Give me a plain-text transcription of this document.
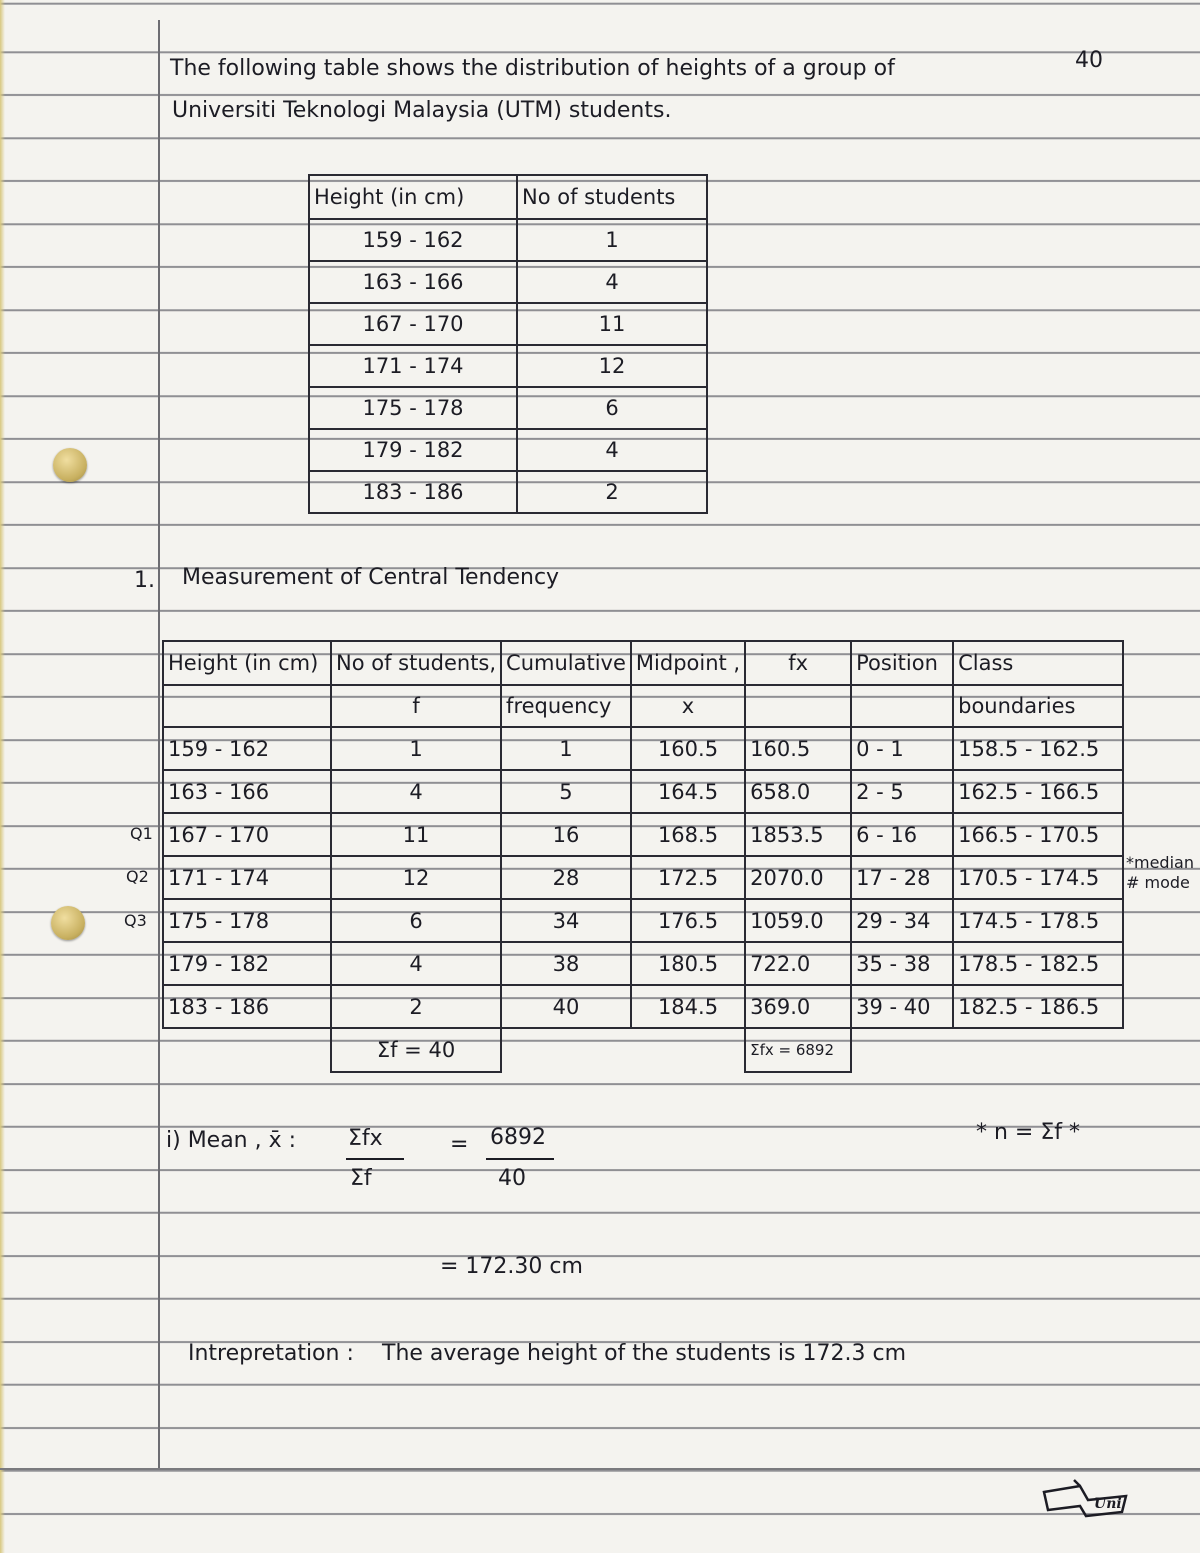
The following table shows the distribution of heights of a group of	40
Universiti Teknologi Malaysia (UTM) students.
Height (in cm)	No of students
159 - 162	1
163 - 166	4
167 - 170	11
171 - 174	12
175 - 178	6
179 - 182	4
183 - 186	2
1. Measurement of Central Tendency
Q1
Q2
Q3
Height (in cm)	No of students,	Cumulative	Midpoint ,	fx	Position	Class
	f	frequency	x			boundaries
159 - 162	1	1	160.5	160.5	0 - 1	158.5 - 162.5
163 - 166	4	5	164.5	658.0	2 - 5	162.5 - 166.5
167 - 170	11	16	168.5	1853.5	6 - 16	166.5 - 170.5
171 - 174	12	28	172.5	2070.0	17 - 28	170.5 - 174.5
175 - 178	6	34	176.5	1059.0	29 - 34	174.5 - 178.5
179 - 182	4	38	180.5	722.0	35 - 38	178.5 - 182.5
183 - 186	2	40	184.5	369.0	39 - 40	182.5 - 186.5
	Σf = 40			Σfx = 6892		
*median
# mode
i) Mean , x̄ : Σfx
Σf
= 6892
40
* n = Σf *
= 172.30 cm
Intrepretation : The average height of the students is 172.3 cm
Uni
